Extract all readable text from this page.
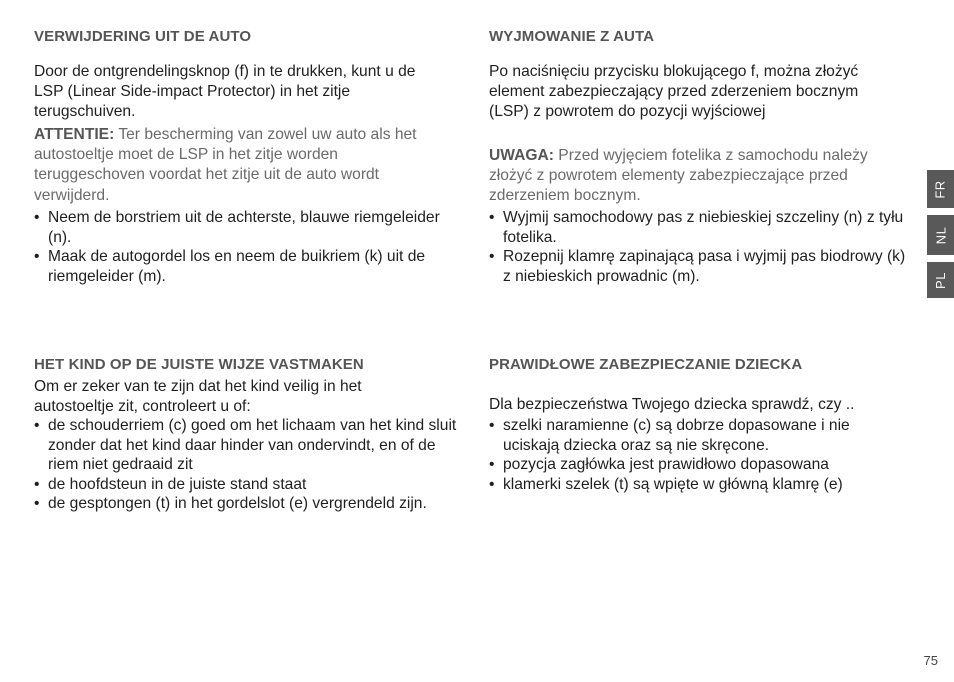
VERWIJDERING UIT DE AUTO

Door de ontgrendelingsknop (f) in te drukken, kunt u de LSP (Linear Side-impact Protector) in het zitje terugschuiven.

ATTENTIE: Ter bescherming van zowel uw auto als het autostoeltje moet de LSP in het zitje worden teruggeschoven voordat het zitje uit de auto wordt verwijderd.

• Neem de borstriem uit de achterste, blauwe riemgeleider (n).
• Maak de autogordel los en neem de buikriem (k) uit de riemgeleider (m).
HET KIND OP DE JUISTE WIJZE VASTMAKEN

Om er zeker van te zijn dat het kind veilig in het autostoeltje zit, controleert u of:

• de schouderriem (c) goed om het lichaam van het kind sluit zonder dat het kind daar hinder van ondervindt, en of de riem niet gedraaid zit
• de hoofdsteun in de juiste stand staat
• de gesptongen (t) in het gordelslot (e) vergrendeld zijn.
WYJMOWANIE Z AUTA

Po naciśnięciu przycisku blokującego f, można złożyć element zabezpieczający przed zderzeniem bocznym (LSP) z powrotem do pozycji wyjściowej

UWAGA: Przed wyjęciem fotelika z samochodu należy złożyć z powrotem elementy zabezpieczające przed zderzeniem bocznym.

• Wyjmij samochodowy pas z niebieskiej szczeliny (n) z tyłu fotelika.
• Rozepnij klamrę zapinającą pasa i wyjmij pas biodrowy (k) z niebieskich prowadnic (m).
PRAWIDŁOWE ZABEZPIECZANIE DZIECKA

Dla bezpieczeństwa Twojego dziecka sprawdź, czy ..

• szelki naramienne (c) są dobrze dopasowane i nie uciskają dziecka oraz są nie skręcone.
• pozycja zagłówka jest prawidłowo dopasowana
• klamerki szelek (t) są wpięte w główną klamrę (e)
FR
NL
PL
75
